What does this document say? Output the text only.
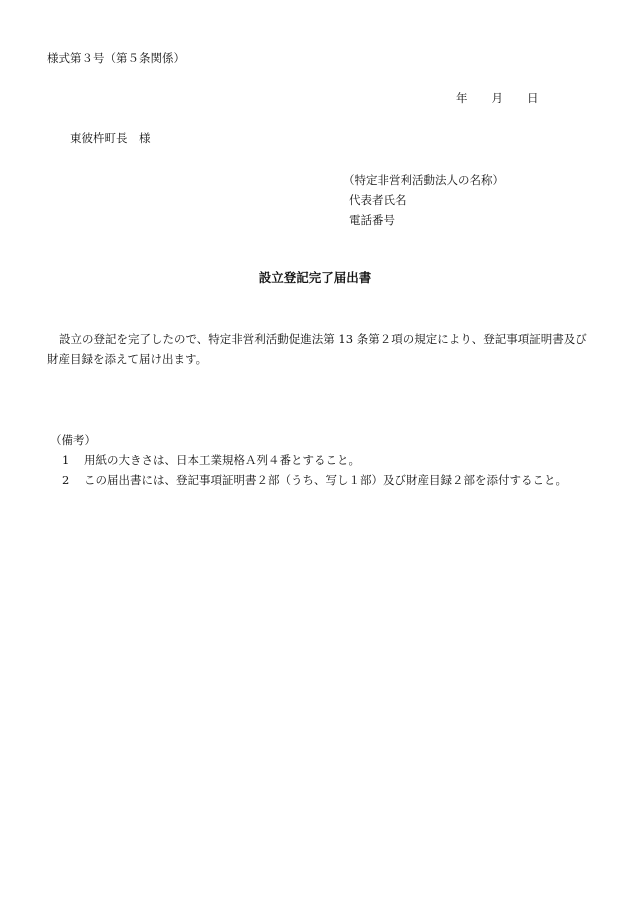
様式第３号（第５条関係）
年 月 日
東彼杵町長　様
（特定非営利活動法人の名称）
代表者氏名
電話番号
設立登記完了届出書
設立の登記を完了したので、特定非営利活動促進法第 13 条第２項の規定により、登記事項証明書及び財産目録を添えて届け出ます。
（備考）
1 用紙の大きさは、日本工業規格Ａ列４番とすること。
2 この届出書には、登記事項証明書２部（うち、写し１部）及び財産目録２部を添付すること。
